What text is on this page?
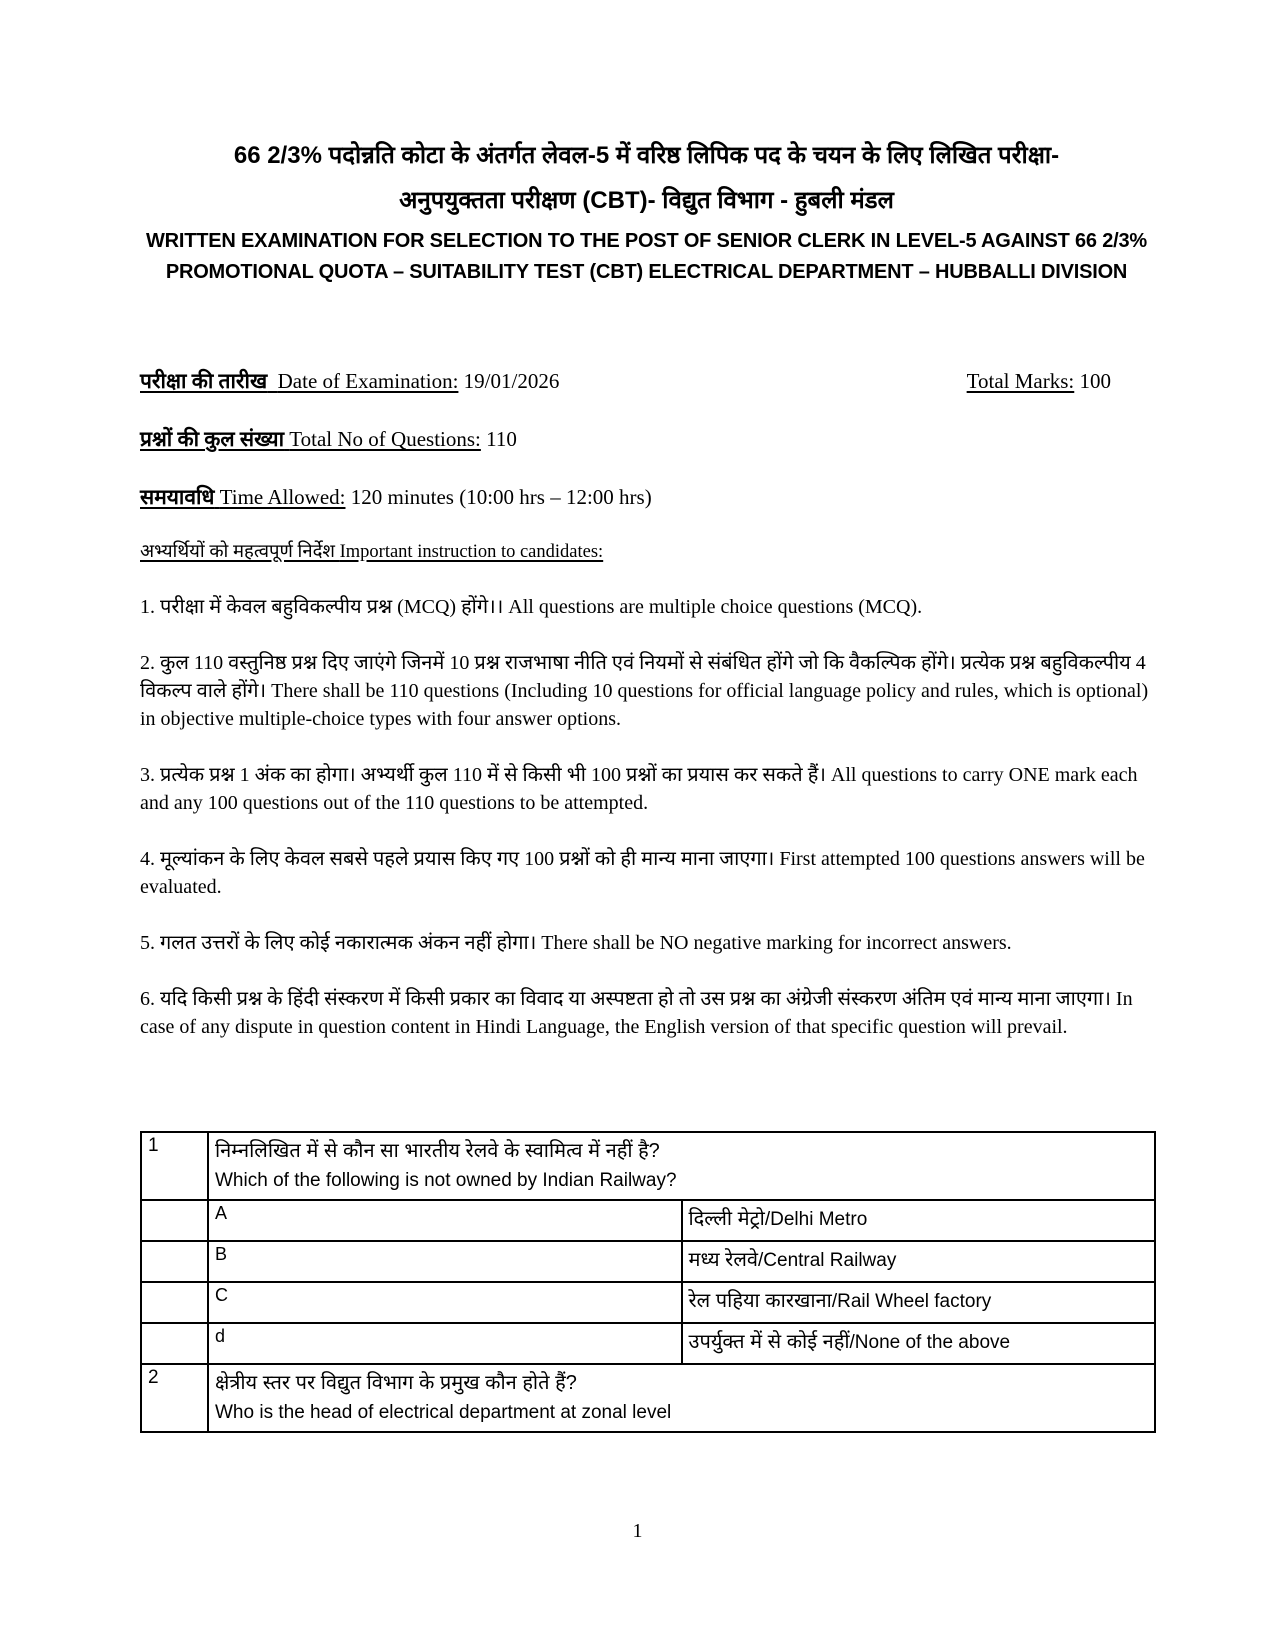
66 2/3% पदोन्नति कोटा के अंतर्गत लेवल-5 में वरिष्ठ लिपिक पद के चयन के लिए लिखित परीक्षा-
अनुपयुक्तता परीक्षण (CBT)- विद्युत विभाग - हुबली मंडल
WRITTEN EXAMINATION FOR SELECTION TO THE POST OF SENIOR CLERK IN LEVEL-5 AGAINST 66 2/3%
PROMOTIONAL QUOTA – SUITABILITY TEST (CBT) ELECTRICAL DEPARTMENT – HUBBALLI DIVISION
परीक्षा की तारीख Date of Examination: 19/01/2026	Total Marks: 100
प्रश्नों की कुल संख्या Total No of Questions: 110
समयावधि Time Allowed: 120 minutes (10:00 hrs – 12:00 hrs)
अभ्यर्थियों को महत्वपूर्ण निर्देश Important instruction to candidates:

1. परीक्षा में केवल बहुविकल्पीय प्रश्न (MCQ) होंगे।। All questions are multiple choice questions (MCQ).

2. कुल 110 वस्तुनिष्ठ प्रश्न दिए जाएंगे जिनमें 10 प्रश्न राजभाषा नीति एवं नियमों से संबंधित होंगे जो कि वैकल्पिक होंगे। प्रत्येक प्रश्न बहुविकल्पीय 4 विकल्प वाले होंगे। There shall be 110 questions (Including 10 questions for official language policy and rules, which is optional) in objective multiple-choice types with four answer options.

3. प्रत्येक प्रश्न 1 अंक का होगा। अभ्यर्थी कुल 110 में से किसी भी 100 प्रश्नों का प्रयास कर सकते हैं। All questions to carry ONE mark each and any 100 questions out of the 110 questions to be attempted.

4. मूल्यांकन के लिए केवल सबसे पहले प्रयास किए गए 100 प्रश्नों को ही मान्य माना जाएगा। First attempted 100 questions answers will be evaluated.

5. गलत उत्तरों के लिए कोई नकारात्मक अंकन नहीं होगा। There shall be NO negative marking for incorrect answers.

6. यदि किसी प्रश्न के हिंदी संस्करण में किसी प्रकार का विवाद या अस्पष्टता हो तो उस प्रश्न का अंग्रेजी संस्करण अंतिम एवं मान्य माना जाएगा। In case of any dispute in question content in Hindi Language, the English version of that specific question will prevail.

1	निम्नलिखित में से कौन सा भारतीय रेलवे के स्वामित्व में नहीं है?
Which of the following is not owned by Indian Railway?	

	A	दिल्ली मेट्रो/Delhi Metro
	B	मध्य रेलवे/Central Railway
	C	रेल पहिया कारखाना/Rail Wheel factory
	d	उपर्युक्त में से कोई नहीं/None of the above
2	क्षेत्रीय स्तर पर विद्युत विभाग के प्रमुख कौन होते हैं?
Who is the head of electrical department at zonal level	
1
